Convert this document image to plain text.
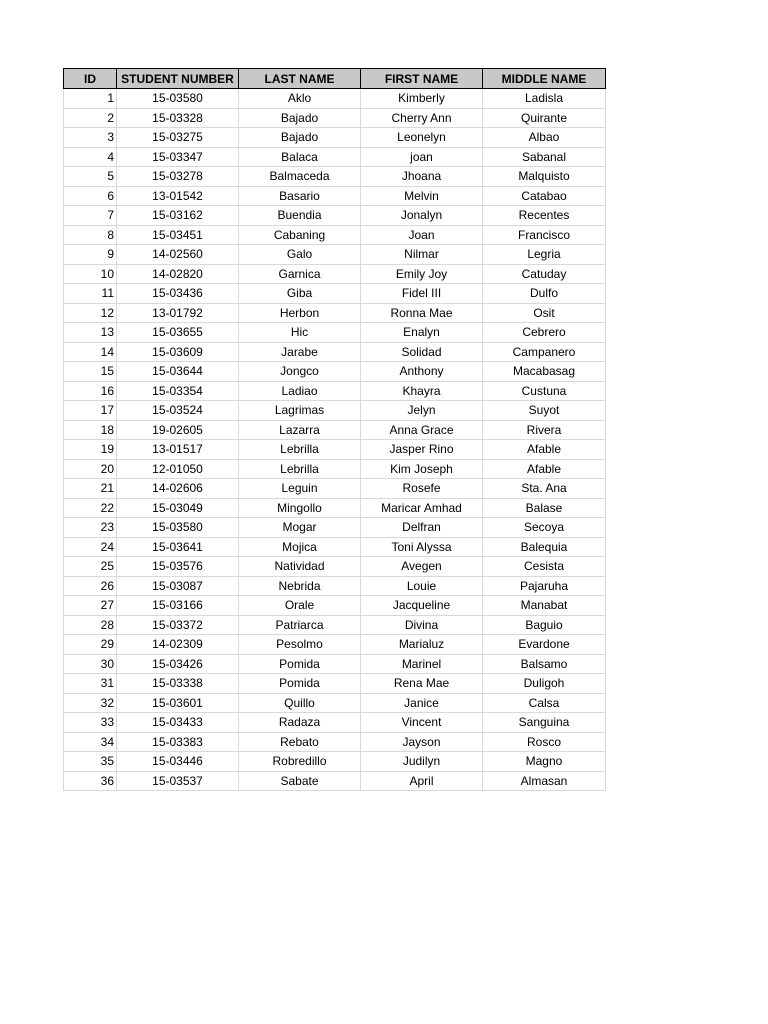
ID	STUDENT NUMBER	LAST NAME	FIRST NAME	MIDDLE NAME
1	15-03580	Aklo	Kimberly	Ladisla
2	15-03328	Bajado	Cherry Ann	Quirante
3	15-03275	Bajado	Leonelyn	Albao
4	15-03347	Balaca	joan	Sabanal
5	15-03278	Balmaceda	Jhoana	Malquisto
6	13-01542	Basario	Melvin	Catabao
7	15-03162	Buendia	Jonalyn	Recentes
8	15-03451	Cabaning	Joan	Francisco
9	14-02560	Galo	Nilmar	Legria
10	14-02820	Garnica	Emily Joy	Catuday
11	15-03436	Giba	Fidel III	Dulfo
12	13-01792	Herbon	Ronna Mae	Osit
13	15-03655	Hic	Enalyn	Cebrero
14	15-03609	Jarabe	Solidad	Campanero
15	15-03644	Jongco	Anthony	Macabasag
16	15-03354	Ladiao	Khayra	Custuna
17	15-03524	Lagrimas	Jelyn	Suyot
18	19-02605	Lazarra	Anna Grace	Rivera
19	13-01517	Lebrilla	Jasper Rino	Afable
20	12-01050	Lebrilla	Kim Joseph	Afable
21	14-02606	Leguin	Rosefe	Sta. Ana
22	15-03049	Mingollo	Maricar Amhad	Balase
23	15-03580	Mogar	Delfran	Secoya
24	15-03641	Mojica	Toni Alyssa	Balequia
25	15-03576	Natividad	Avegen	Cesista
26	15-03087	Nebrida	Louie	Pajaruha
27	15-03166	Orale	Jacqueline	Manabat
28	15-03372	Patriarca	Divina	Baguio
29	14-02309	Pesolmo	Marialuz	Evardone
30	15-03426	Pomida	Marinel	Balsamo
31	15-03338	Pomida	Rena Mae	Duligoh
32	15-03601	Quillo	Janice	Calsa
33	15-03433	Radaza	Vincent	Sanguina
34	15-03383	Rebato	Jayson	Rosco
35	15-03446	Robredillo	Judilyn	Magno
36	15-03537	Sabate	April	Almasan
